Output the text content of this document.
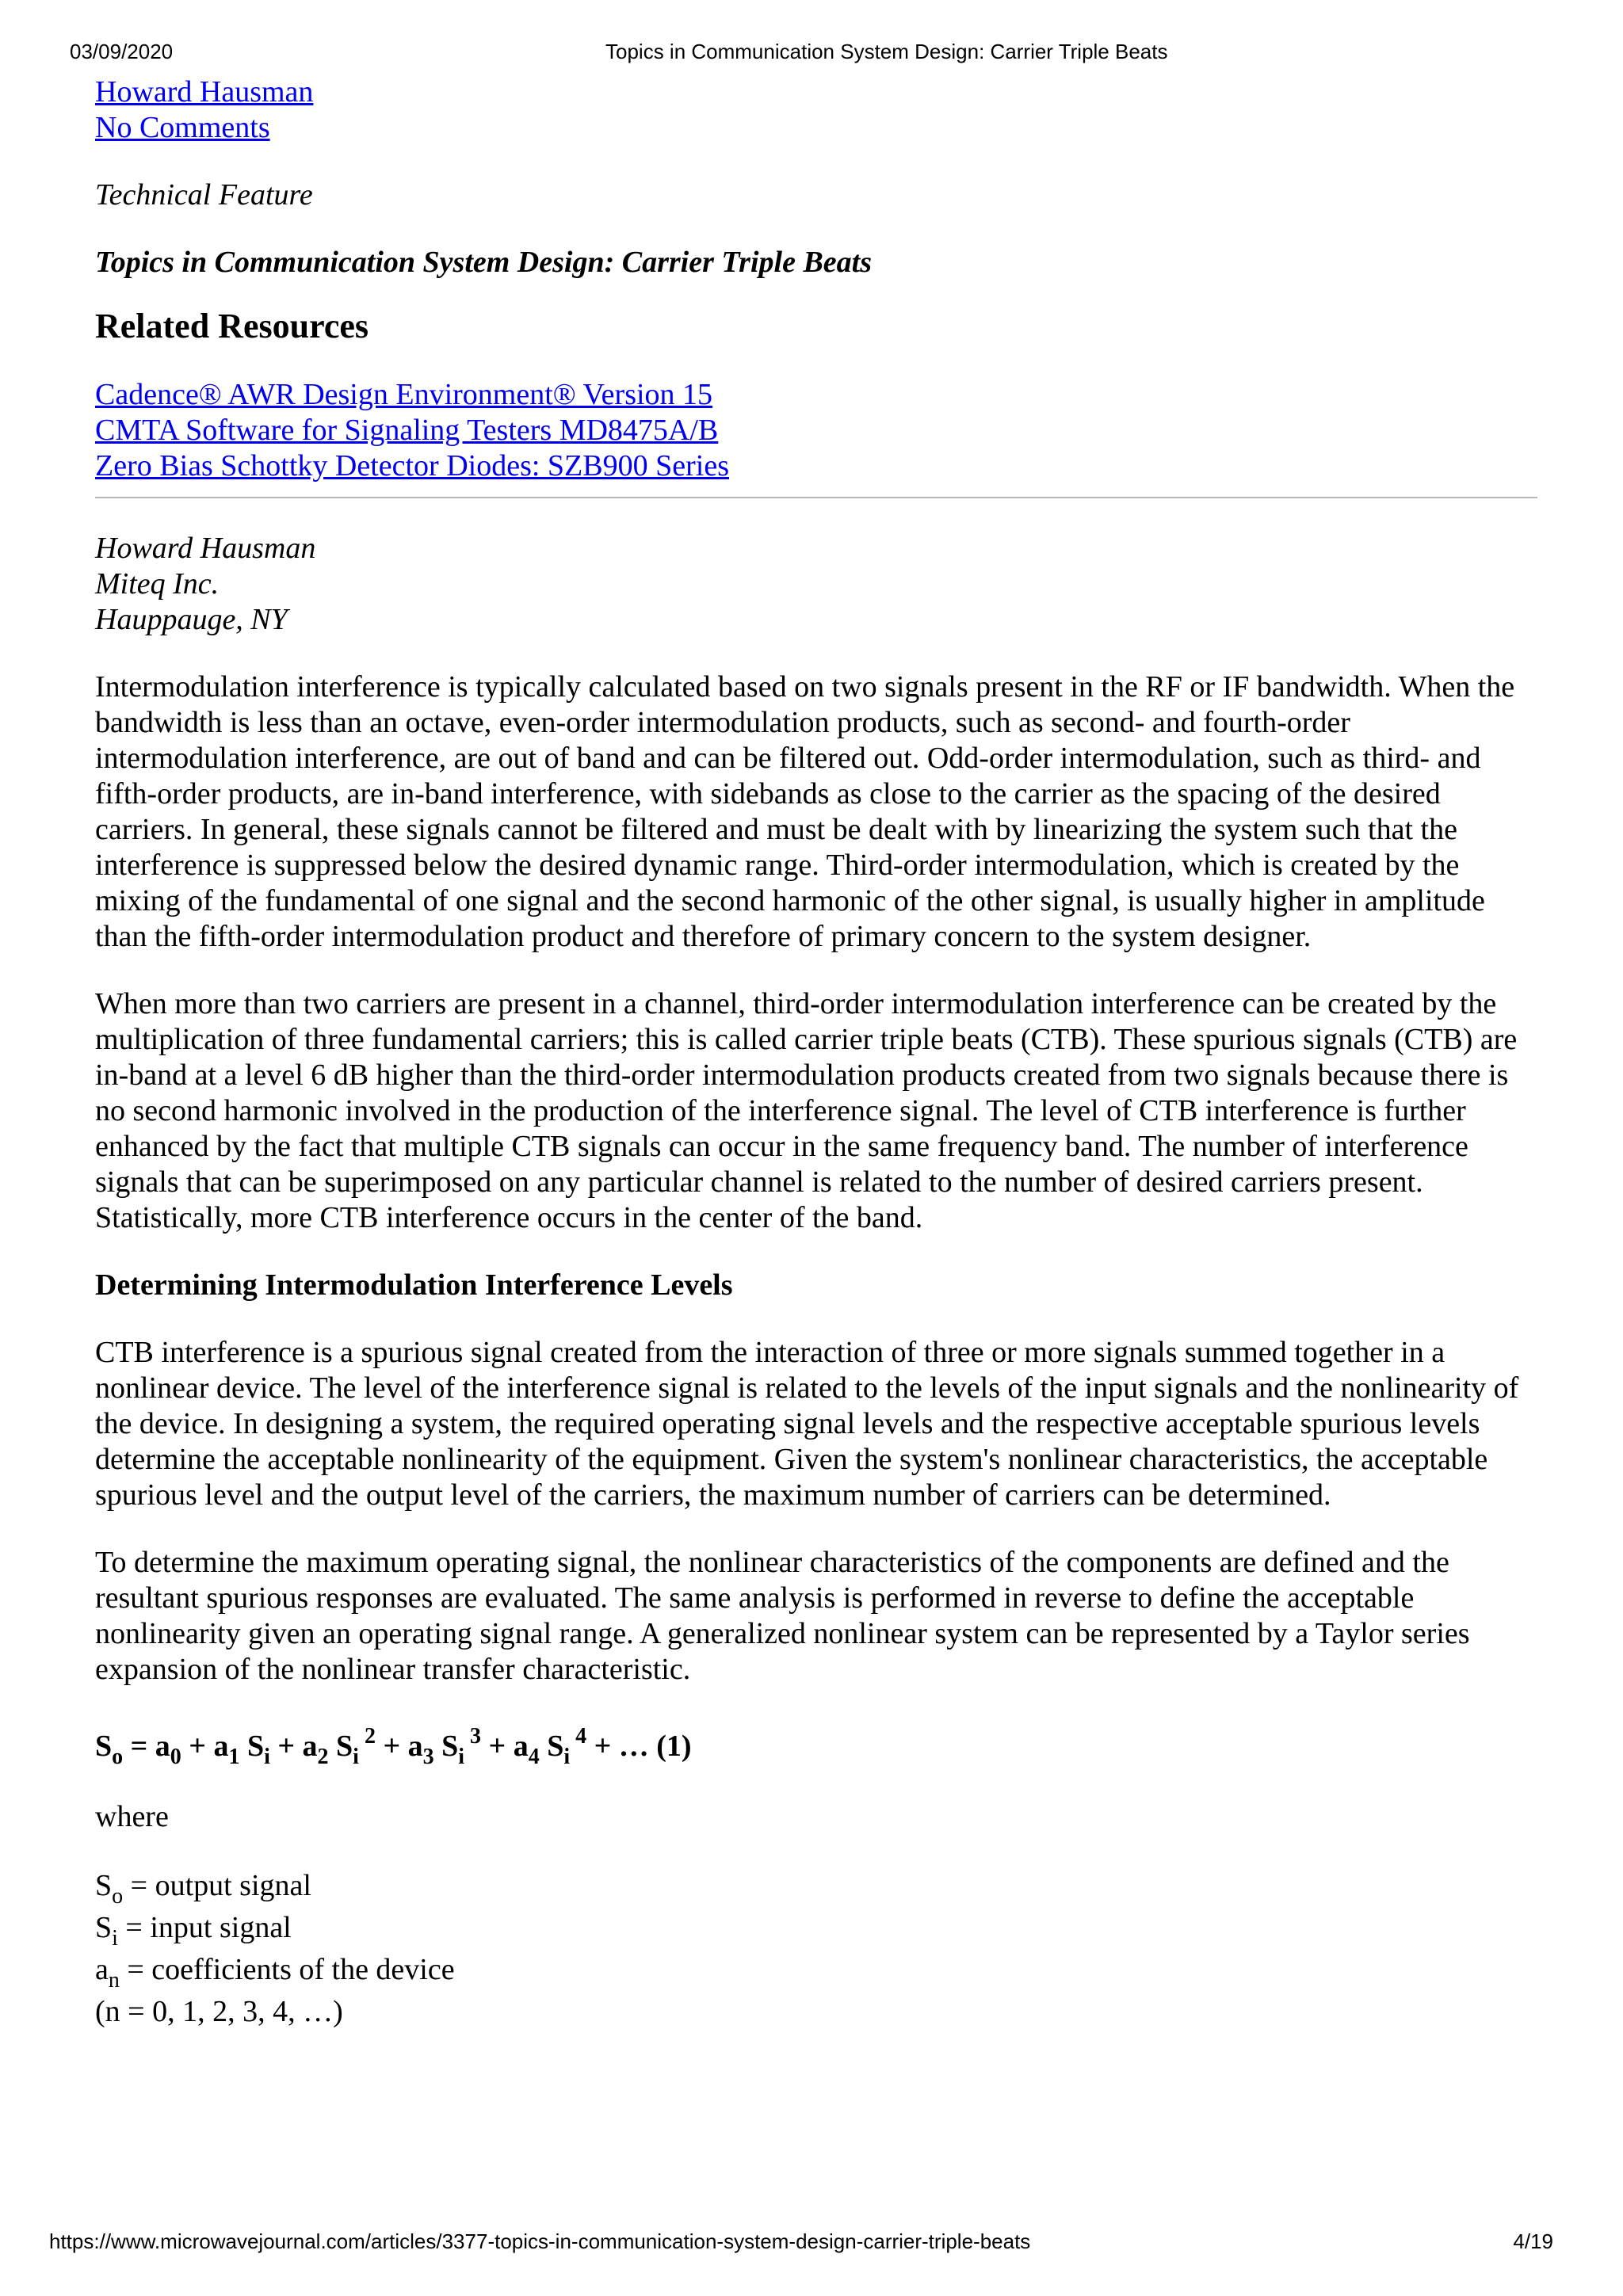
03/09/2020	Topics in Communication System Design: Carrier Triple Beats
Howard Hausman
No Comments

Technical Feature

Topics in Communication System Design: Carrier Triple Beats

Related Resources

Cadence® AWR Design Environment® Version 15
CMTA Software for Signaling Testers MD8475A/B
Zero Bias Schottky Detector Diodes: SZB900 Series

Howard Hausman

Miteq Inc.

Hauppauge, NY

Intermodulation interference is typically calculated based on two signals present in the RF or IF bandwidth. When the bandwidth is less than an octave, even-order intermodulation products, such as second- and fourth-order intermodulation interference, are out of band and can be filtered out. Odd-order intermodulation, such as third- and fifth-order products, are in-band interference, with sidebands as close to the carrier as the spacing of the desired carriers. In general, these signals cannot be filtered and must be dealt with by linearizing the system such that the interference is suppressed below the desired dynamic range. Third-order intermodulation, which is created by the mixing of the fundamental of one signal and the second harmonic of the other signal, is usually higher in amplitude than the fifth-order intermodulation product and therefore of primary concern to the system designer.

When more than two carriers are present in a channel, third-order intermodulation interference can be created by the multiplication of three fundamental carriers; this is called carrier triple beats (CTB). These spurious signals (CTB) are in-band at a level 6 dB higher than the third-order intermodulation products created from two signals because there is no second harmonic involved in the production of the interference signal. The level of CTB interference is further enhanced by the fact that multiple CTB signals can occur in the same frequency band. The number of interference signals that can be superimposed on any particular channel is related to the number of desired carriers present. Statistically, more CTB interference occurs in the center of the band.

Determining Intermodulation Interference Levels

CTB interference is a spurious signal created from the interaction of three or more signals summed together in a nonlinear device. The level of the interference signal is related to the levels of the input signals and the nonlinearity of the device. In designing a system, the required operating signal levels and the respective acceptable spurious levels determine the acceptable nonlinearity of the equipment. Given the system's nonlinear characteristics, the acceptable spurious level and the output level of the carriers, the maximum number of carriers can be determined.

To determine the maximum operating signal, the nonlinear characteristics of the components are defined and the resultant spurious responses are evaluated. The same analysis is performed in reverse to define the acceptable nonlinearity given an operating signal range. A generalized nonlinear system can be represented by a Taylor series expansion of the nonlinear transfer characteristic.

$S_o = a_0 + a_1$ $S_i + a_2$ $S_i$ $^2 + a_3$ $S_i$ $^3 + a_4$ $S_i$ $^4$ + … (1)

where

$S_o$ = output signal

$S_i$ = input signal

$a_n$ = coefficients of the device

(n = 0, 1, 2, 3, 4, …)

https://www.microwavejournal.com/articles/3377-topics-in-communication-system-design-carrier-triple-beats	4/19
